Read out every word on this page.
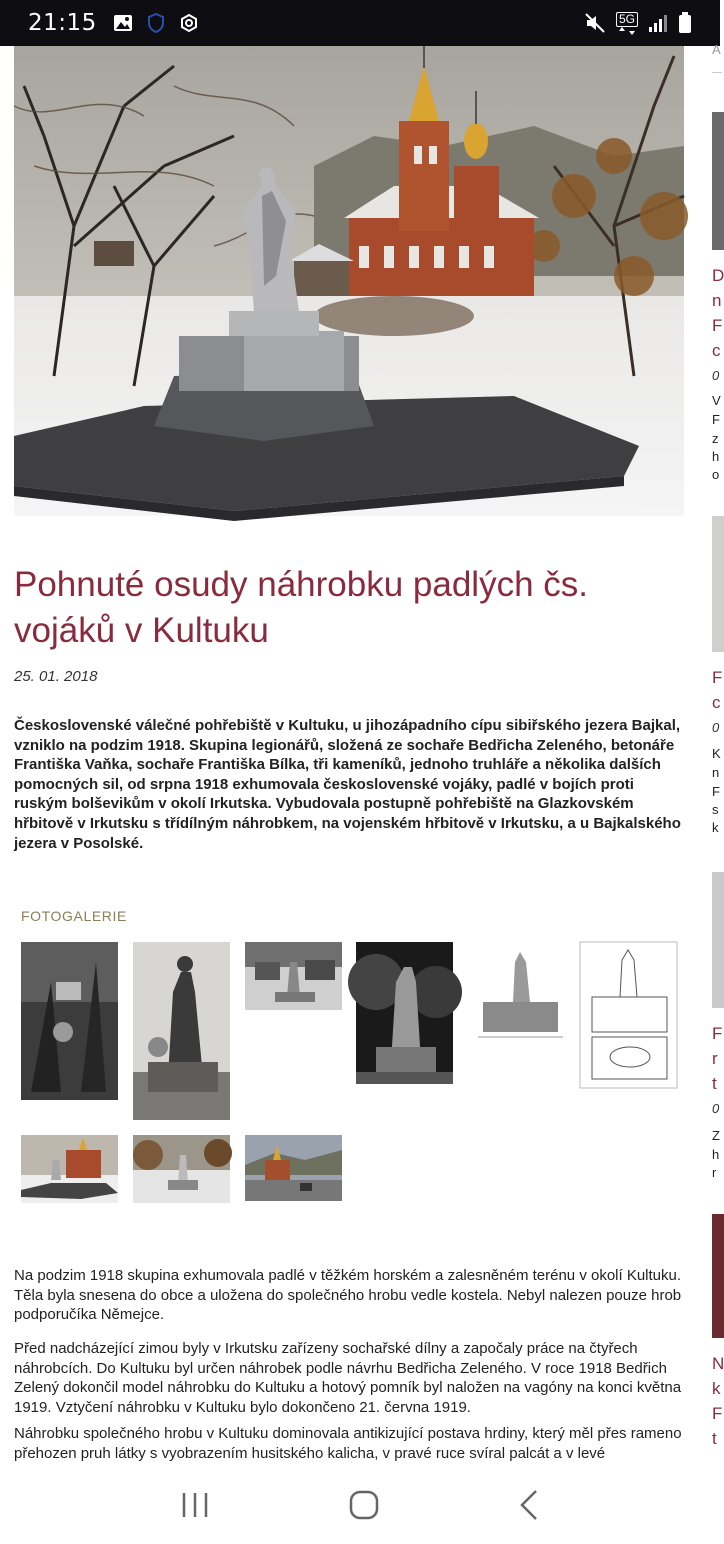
21:15	5G
Pohnuté osudy náhrobku padlých čs. vojáků v Kultuku
25. 01. 2018

Československé válečné pohřebiště v Kultuku, u jihozápadního cípu sibiřského jezera Bajkal, vzniklo na podzim 1918. Skupina legionářů, složená ze sochaře Bedřicha Zeleného, betonáře Františka Vaňka, sochaře Františka Bílka, tři kameníků, jednoho truhláře a několika dalších pomocných sil, od srpna 1918 exhumovala československé vojáky, padlé v bojích proti ruským bolševikům v okolí Irkutska. Vybudovala postupně pohřebiště na Glazkovském hřbitově v Irkutsku s třídílným náhrobkem, na vojenském hřbitově v Irkutsku, a u Bajkalského jezera v Posolské.

FOTOGALERIE

Na podzim 1918 skupina exhumovala padlé v těžkém horském a zalesněném terénu v okolí Kultuku. Těla byla snesena do obce a uložena do společného hrobu vedle kostela. Nebyl nalezen pouze hrob podporučíka Němejce.

Před nadcházející zimou byly v Irkutsku zařízeny sochařské dílny a započaly práce na čtyřech náhrobcích. Do Kultuku byl určen náhrobek podle návrhu Bedřicha Zeleného. V roce 1918 Bedřich Zelený dokončil model náhrobku do Kultuku a hotový pomník byl naložen na vagóny na konci května 1919. Vztyčení náhrobku v Kultuku bylo dokončeno 21. června 1919.

Náhrobku společného hrobu v Kultuku dominovala antikizující postava hrdiny, který měl přes rameno přehozen pruh látky s vyobrazením husitského kalicha, v pravé ruce svíral palcát a v levé

A
D
n
F
c
0
V
F
z
h
o
F
c
0
K
n
F
s
k
F
r
t
0
Z
h
r
N
k
F
t
